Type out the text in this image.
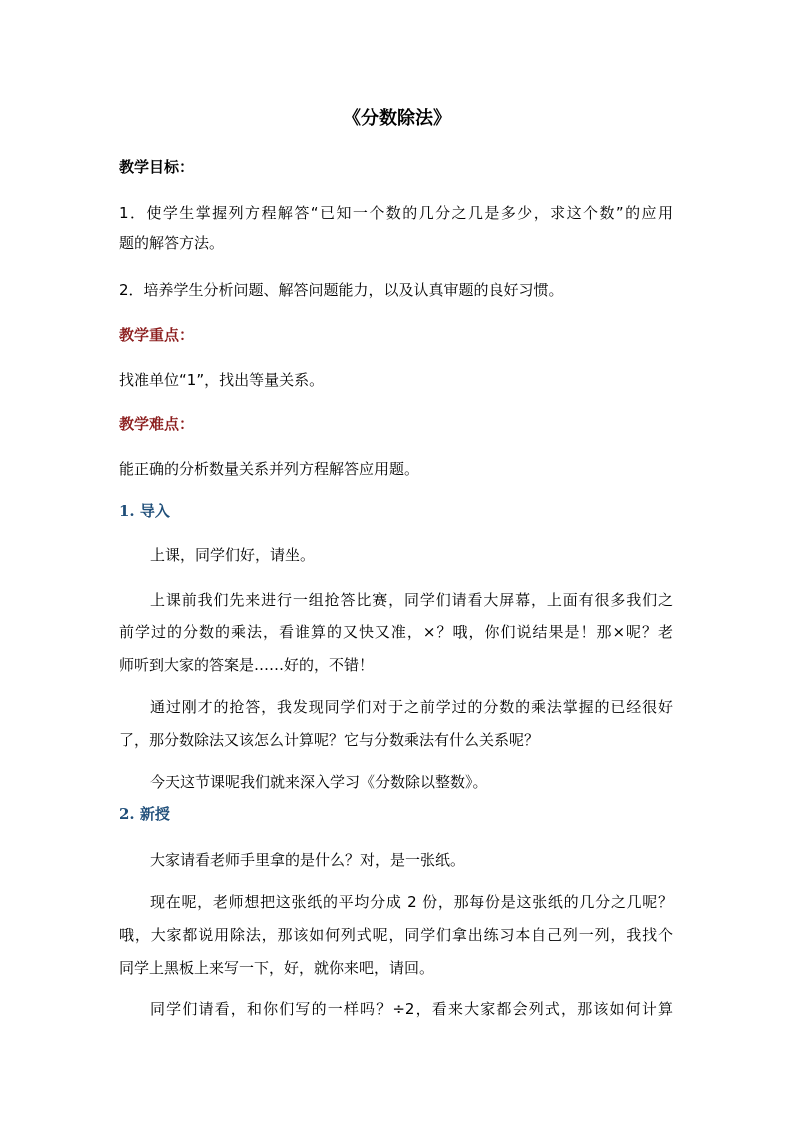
《分数除法》
教学目标：
1．使学生掌握列方程解答“已知一个数的几分之几是多少，求这个数”的应用
题的解答方法。
2．培养学生分析问题、解答问题能力，以及认真审题的良好习惯。
教学重点：
找准单位“1”，找出等量关系。
教学难点：
能正确的分析数量关系并列方程解答应用题。
1. 导入
上课，同学们好，请坐。
上课前我们先来进行一组抢答比赛，同学们请看大屏幕，上面有很多我们之
前学过的分数的乘法，看谁算的又快又准，×？哦，你们说结果是！那×呢？老
师听到大家的答案是……好的，不错！
通过刚才的抢答，我发现同学们对于之前学过的分数的乘法掌握的已经很好
了，那分数除法又该怎么计算呢？它与分数乘法有什么关系呢？
今天这节课呢我们就来深入学习《分数除以整数》。
2. 新授
大家请看老师手里拿的是什么？对，是一张纸。
现在呢，老师想把这张纸的平均分成 2 份，那每份是这张纸的几分之几呢？
哦，大家都说用除法，那该如何列式呢，同学们拿出练习本自己列一列，我找个
同学上黑板上来写一下，好，就你来吧，请回。
同学们请看，和你们写的一样吗？÷2，看来大家都会列式，那该如何计算
